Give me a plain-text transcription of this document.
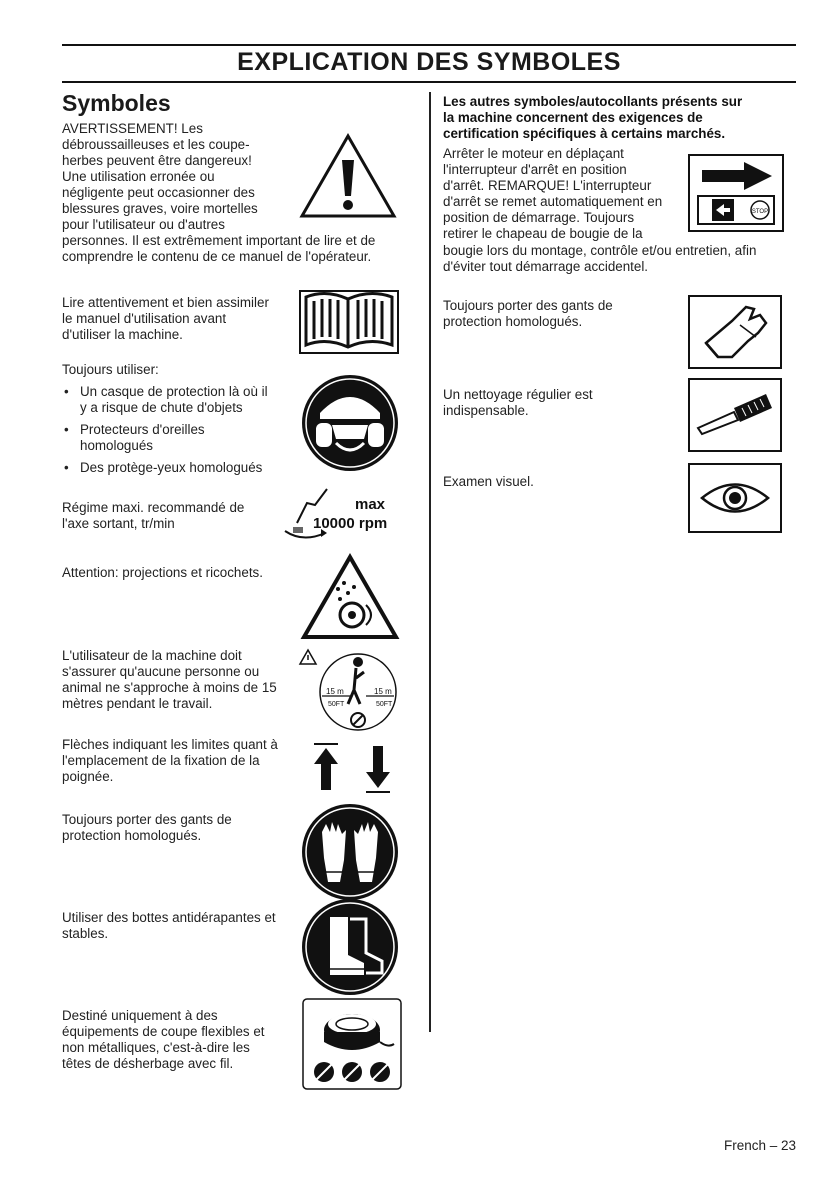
EXPLICATION DES SYMBOLES
Symboles
AVERTISSEMENT! Les
débroussailleuses et les coupe-
herbes peuvent être dangereux!
Une utilisation erronée ou
négligente peut occasionner des
blessures graves, voire mortelles
pour l'utilisateur ou d'autres
personnes. Il est extrêmement important de lire et de
comprendre le contenu de ce manuel de l'opérateur.
Lire attentivement et bien assimiler
le manuel d'utilisation avant
d'utiliser la machine.
Toujours utiliser:
• Un casque de protection là où il
y a risque de chute d'objets
• Protecteurs d'oreilles
homologués
• Des protège-yeux homologués
Régime maxi. recommandé de
l'axe sortant, tr/min
max
10000 rpm
Attention: projections et ricochets.
L'utilisateur de la machine doit
s'assurer qu'aucune personne ou
animal ne s'approche à moins de 15
mètres pendant le travail.
15 m	15 m
50FT	50FT
Flèches indiquant les limites quant à
l'emplacement de la fixation de la
poignée.
Toujours porter des gants de
protection homologués.
Utiliser des bottes antidérapantes et
stables.
Destiné uniquement à des
équipements de coupe flexibles et
non métalliques, c'est-à-dire les
têtes de désherbage avec fil.
Les autres symboles/autocollants présents sur
la machine concernent des exigences de
certification spécifiques à certains marchés.
Arrêter le moteur en déplaçant
l'interrupteur d'arrêt en position
d'arrêt. REMARQUE! L'interrupteur
d'arrêt se remet automatiquement en
position de démarrage. Toujours
retirer le chapeau de bougie de la
bougie lors du montage, contrôle et/ou entretien, afin
d'éviter tout démarrage accidentel.
STOP
Toujours porter des gants de
protection homologués.
Un nettoyage régulier est
indispensable.
Examen visuel.
French – 23
